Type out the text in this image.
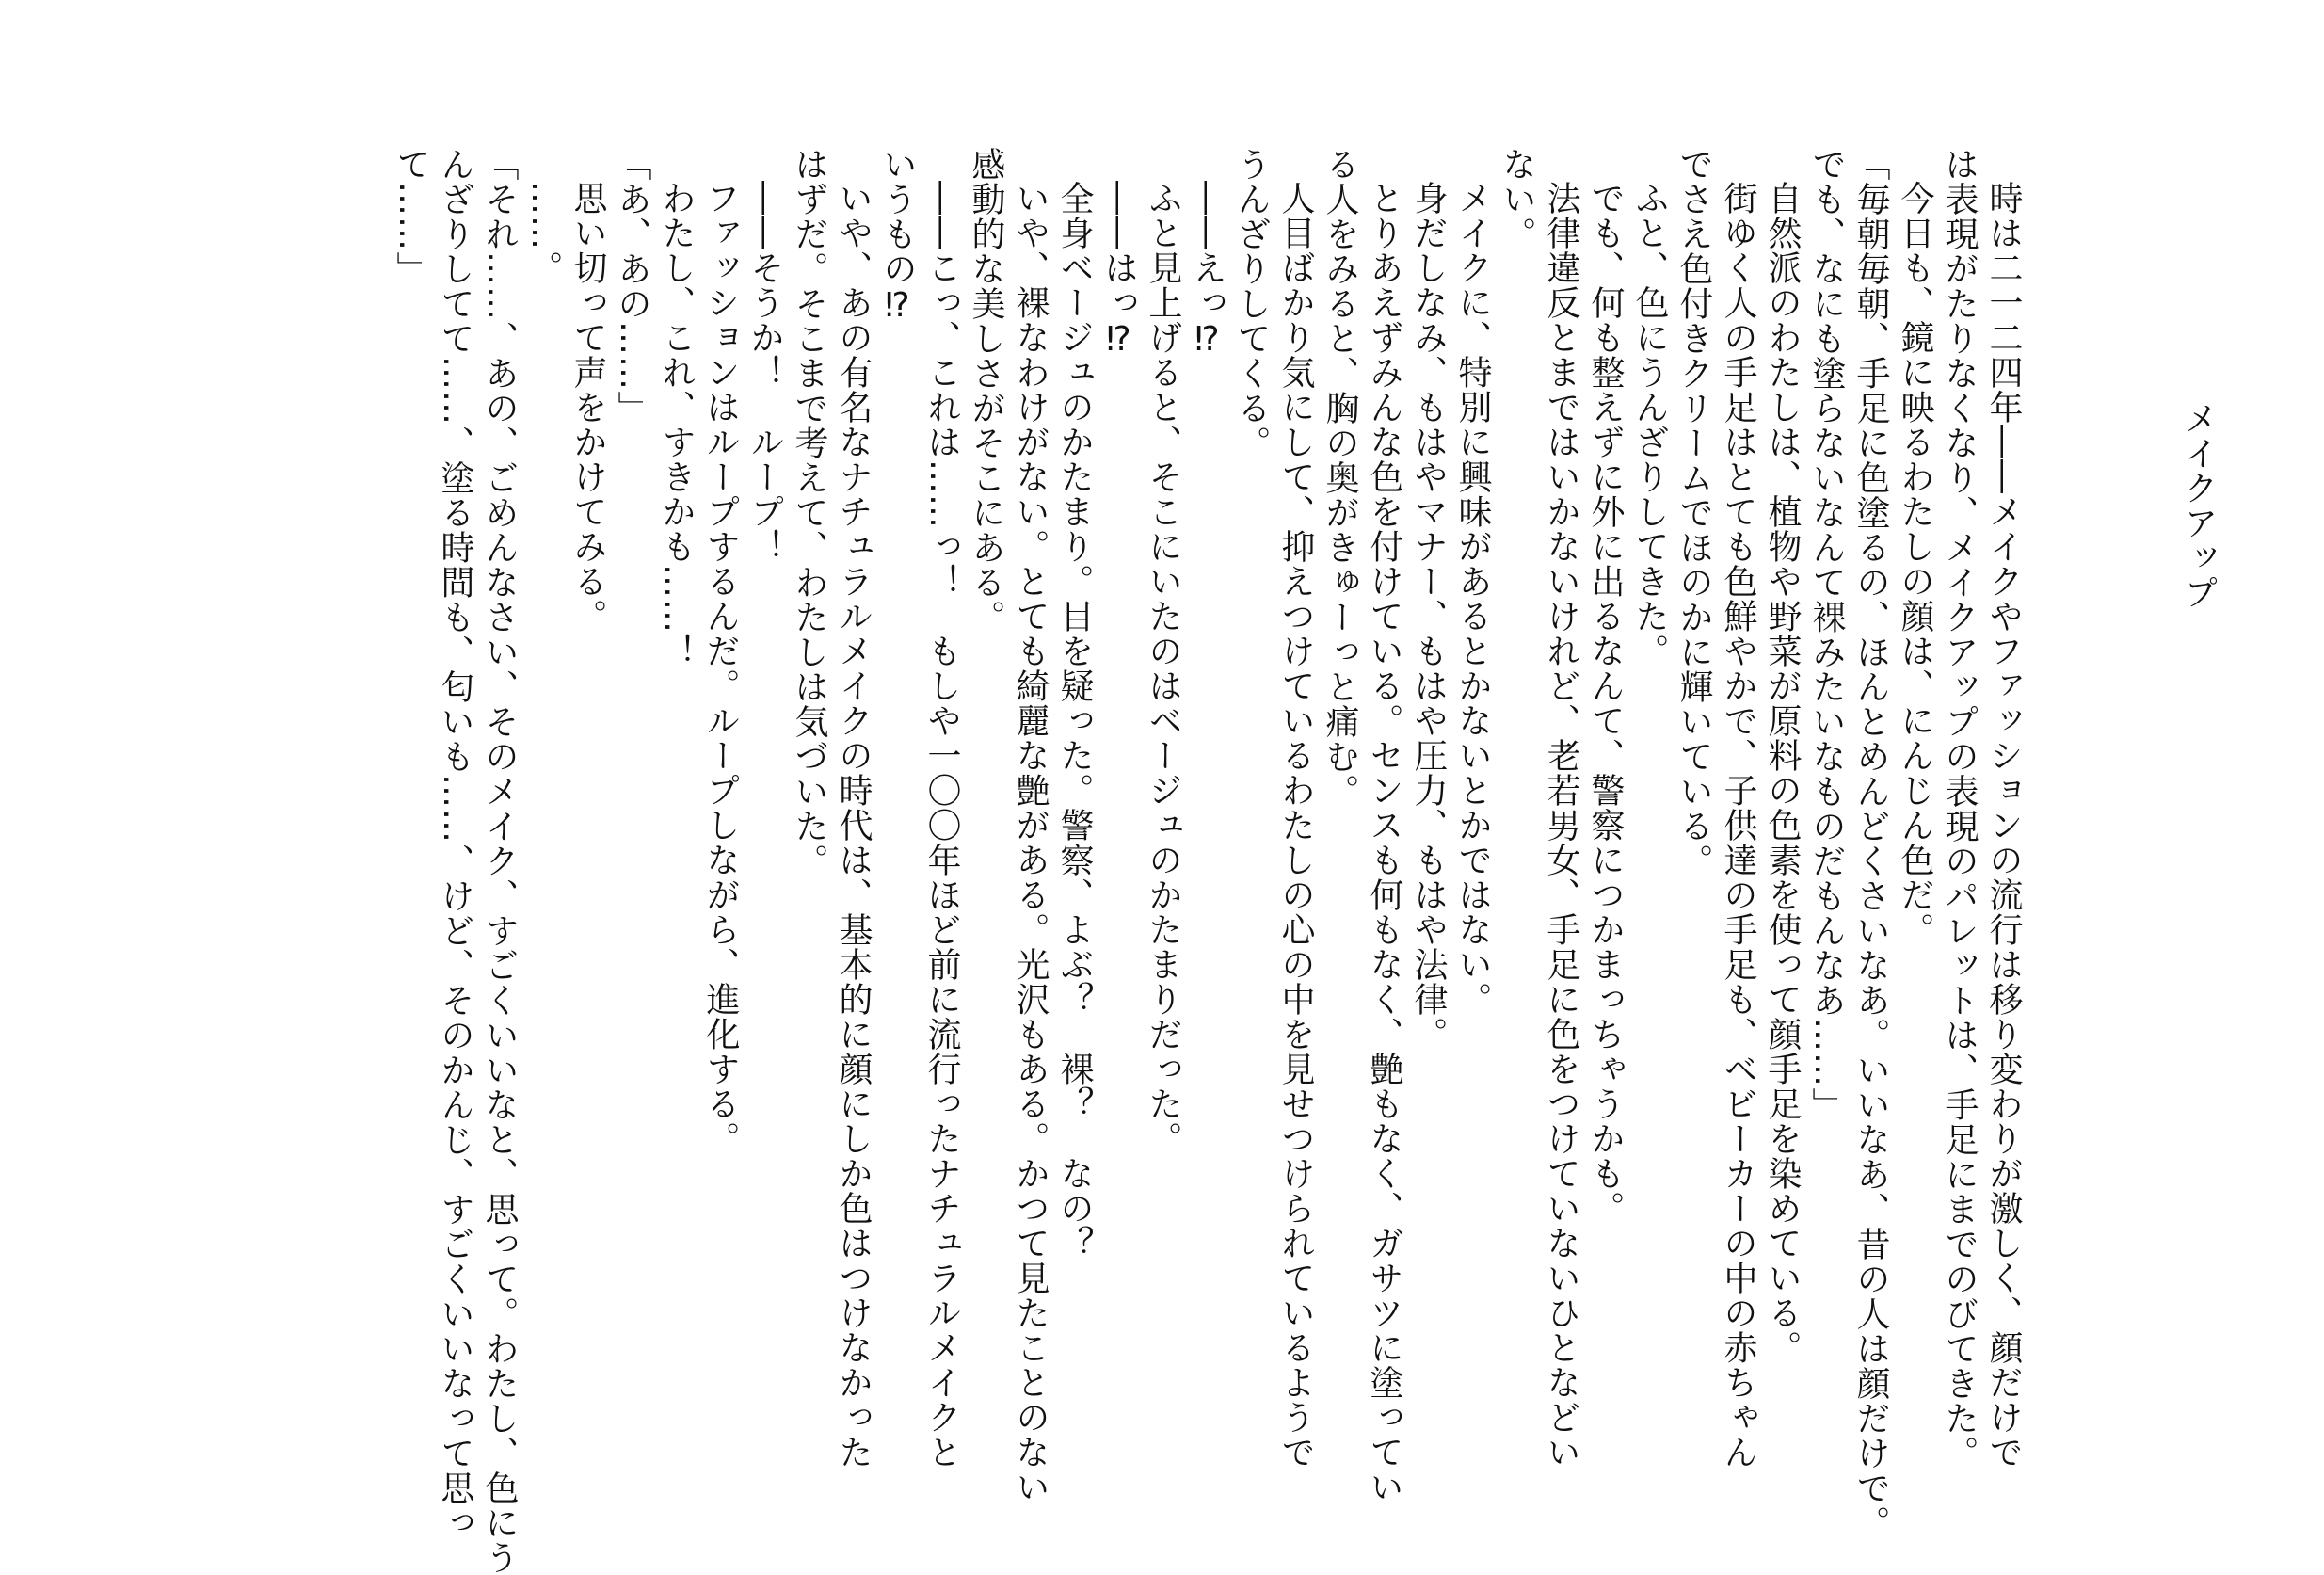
メイクアップ

時は二一二四年――メイクやファッションの流行は移り変わりが激しく、顔だけで

は表現がたりなくなり、メイクアップの表現のパレットは、手足にまでのびてきた。

今日も、鏡に映るわたしの顔は、にんじん色だ。

「毎朝毎朝、手足に色塗るの、ほんとめんどくさいなあ。いいなあ、昔の人は顔だけで。

でも、なにも塗らないなんて裸みたいなものだもんなあ……」

自然派のわたしは、植物や野菜が原料の色素を使って顔手足を染めている。

街ゆく人の手足はとても色鮮やかで、子供達の手足も、ベビーカーの中の赤ちゃん

でさえ色付きクリームでほのかに輝いている。

ふと、色にうんざりしてきた。

でも、何も整えずに外に出るなんて、警察につかまっちゃうかも。

法律違反とまではいかないけれど、老若男女、手足に色をつけていないひとなどい

ない。

メイクに、特別に興味があるとかないとかではない。

身だしなみ、もはやマナー、もはや圧力、もはや法律。

とりあえずみんな色を付けている。センスも何もなく、艶もなく、ガサツに塗ってい

る人をみると、胸の奥がきゅーっと痛む。

人目ばかり気にして、抑えつけているわたしの心の中を見せつけられているようで

うんざりしてくる。

――えっ⁉

ふと見上げると、そこにいたのはベージュのかたまりだった。

――はっ⁉

全身ベージュのかたまり。目を疑った。警察、よぶ？　裸？　なの？

いや、裸なわけがない。とても綺麗な艶がある。光沢もある。かつて見たことのない

感動的な美しさがそこにある。

――こっ、これは……っ！　もしや一〇〇年ほど前に流行ったナチュラルメイクと

いうもの⁉

いや、あの有名なナチュラルメイクの時代は、基本的に顔にしか色はつけなかった

はずだ。そこまで考えて、わたしは気づいた。

――そうか！　ループ！

ファッションはループするんだ。ループしながら、進化する。

わたし、これ、すきかも……！

「あ、あの……」

思い切って声をかけてみる。

……。

「それ……、あの、ごめんなさい、そのメイク、すごくいいなと、思って。わたし、色にう

んざりしてて……、塗る時間も、匂いも……、けど、そのかんじ、すごくいいなって思っ

て……」
